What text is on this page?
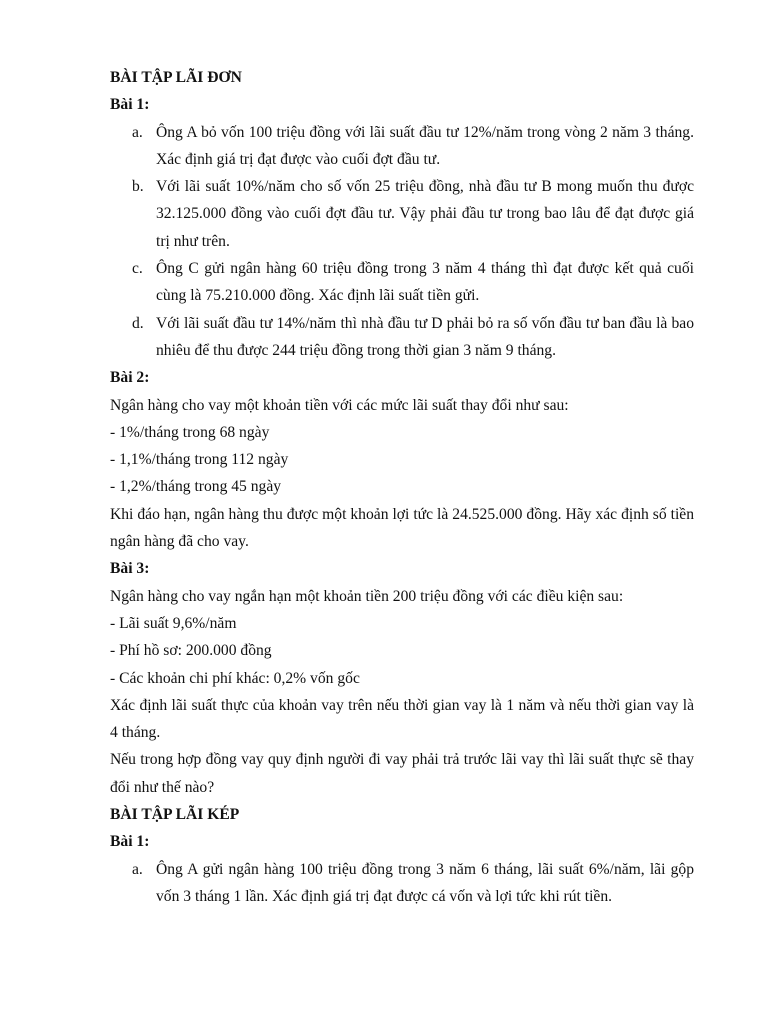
BÀI TẬP LÃI ĐƠN

Bài 1:

a. Ông A bỏ vốn 100 triệu đồng với lãi suất đầu tư 12%/năm trong vòng 2 năm 3 tháng. Xác định giá trị đạt được vào cuối đợt đầu tư.
b. Với lãi suất 10%/năm cho số vốn 25 triệu đồng, nhà đầu tư B mong muốn thu được 32.125.000 đồng vào cuối đợt đầu tư. Vậy phải đầu tư trong bao lâu để đạt được giá trị như trên.
c. Ông C gửi ngân hàng 60 triệu đồng trong 3 năm 4 tháng thì đạt được kết quả cuối cùng là 75.210.000 đồng. Xác định lãi suất tiền gửi.
d. Với lãi suất đầu tư 14%/năm thì nhà đầu tư D phải bỏ ra số vốn đầu tư ban đầu là bao nhiêu để thu được 244 triệu đồng trong thời gian 3 năm 9 tháng.

Bài 2:

Ngân hàng cho vay một khoản tiền với các mức lãi suất thay đổi như sau:

- 1%/tháng trong 68 ngày

- 1,1%/tháng trong 112 ngày

- 1,2%/tháng trong 45 ngày

Khi đáo hạn, ngân hàng thu được một khoản lợi tức là 24.525.000 đồng. Hãy xác định số tiền ngân hàng đã cho vay.

Bài 3:

Ngân hàng cho vay ngắn hạn một khoản tiền 200 triệu đồng với các điều kiện sau:

- Lãi suất 9,6%/năm

- Phí hồ sơ: 200.000 đồng

- Các khoản chi phí khác: 0,2% vốn gốc

Xác định lãi suất thực của khoản vay trên nếu thời gian vay là 1 năm và nếu thời gian vay là 4 tháng.

Nếu trong hợp đồng vay quy định người đi vay phải trả trước lãi vay thì lãi suất thực sẽ thay đổi như thế nào?

BÀI TẬP LÃI KÉP

Bài 1:

a. Ông A gửi ngân hàng 100 triệu đồng trong 3 năm 6 tháng, lãi suất 6%/năm, lãi gộp vốn 3 tháng 1 lần. Xác định giá trị đạt được cá vốn và lợi tức khi rút tiền.
